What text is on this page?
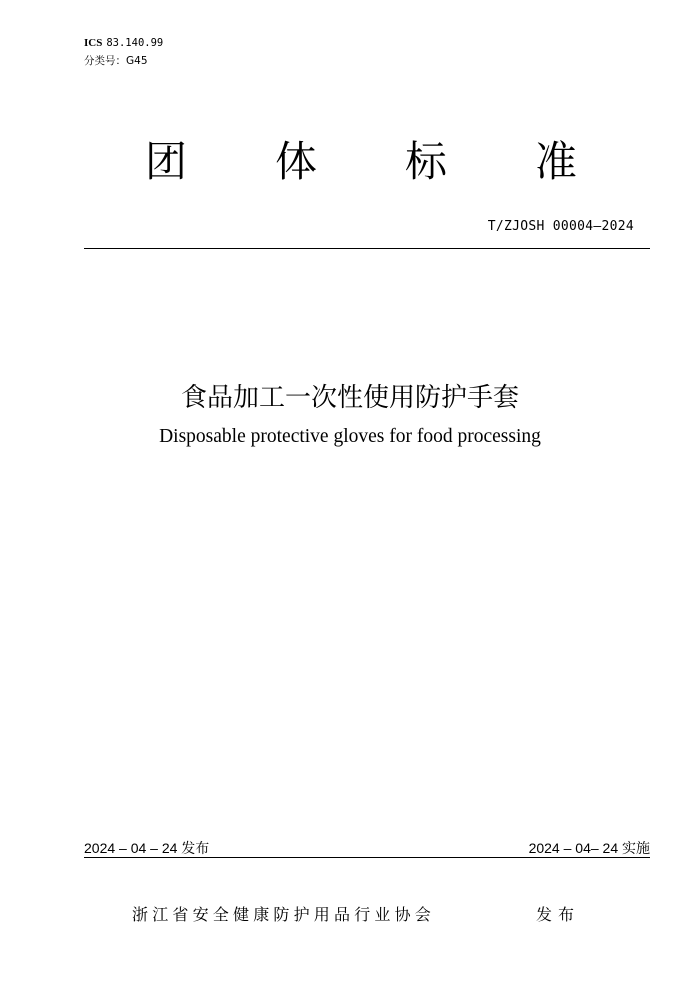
ICS 83.140.99
分类号：G45
团 体 标 准
T/ZJOSH 00004—2024
食品加工一次性使用防护手套
Disposable protective gloves for food processing
2024 – 04 – 24 发布	2024 – 04– 24 实施
浙江省安全健康防护用品行业协会	发布
